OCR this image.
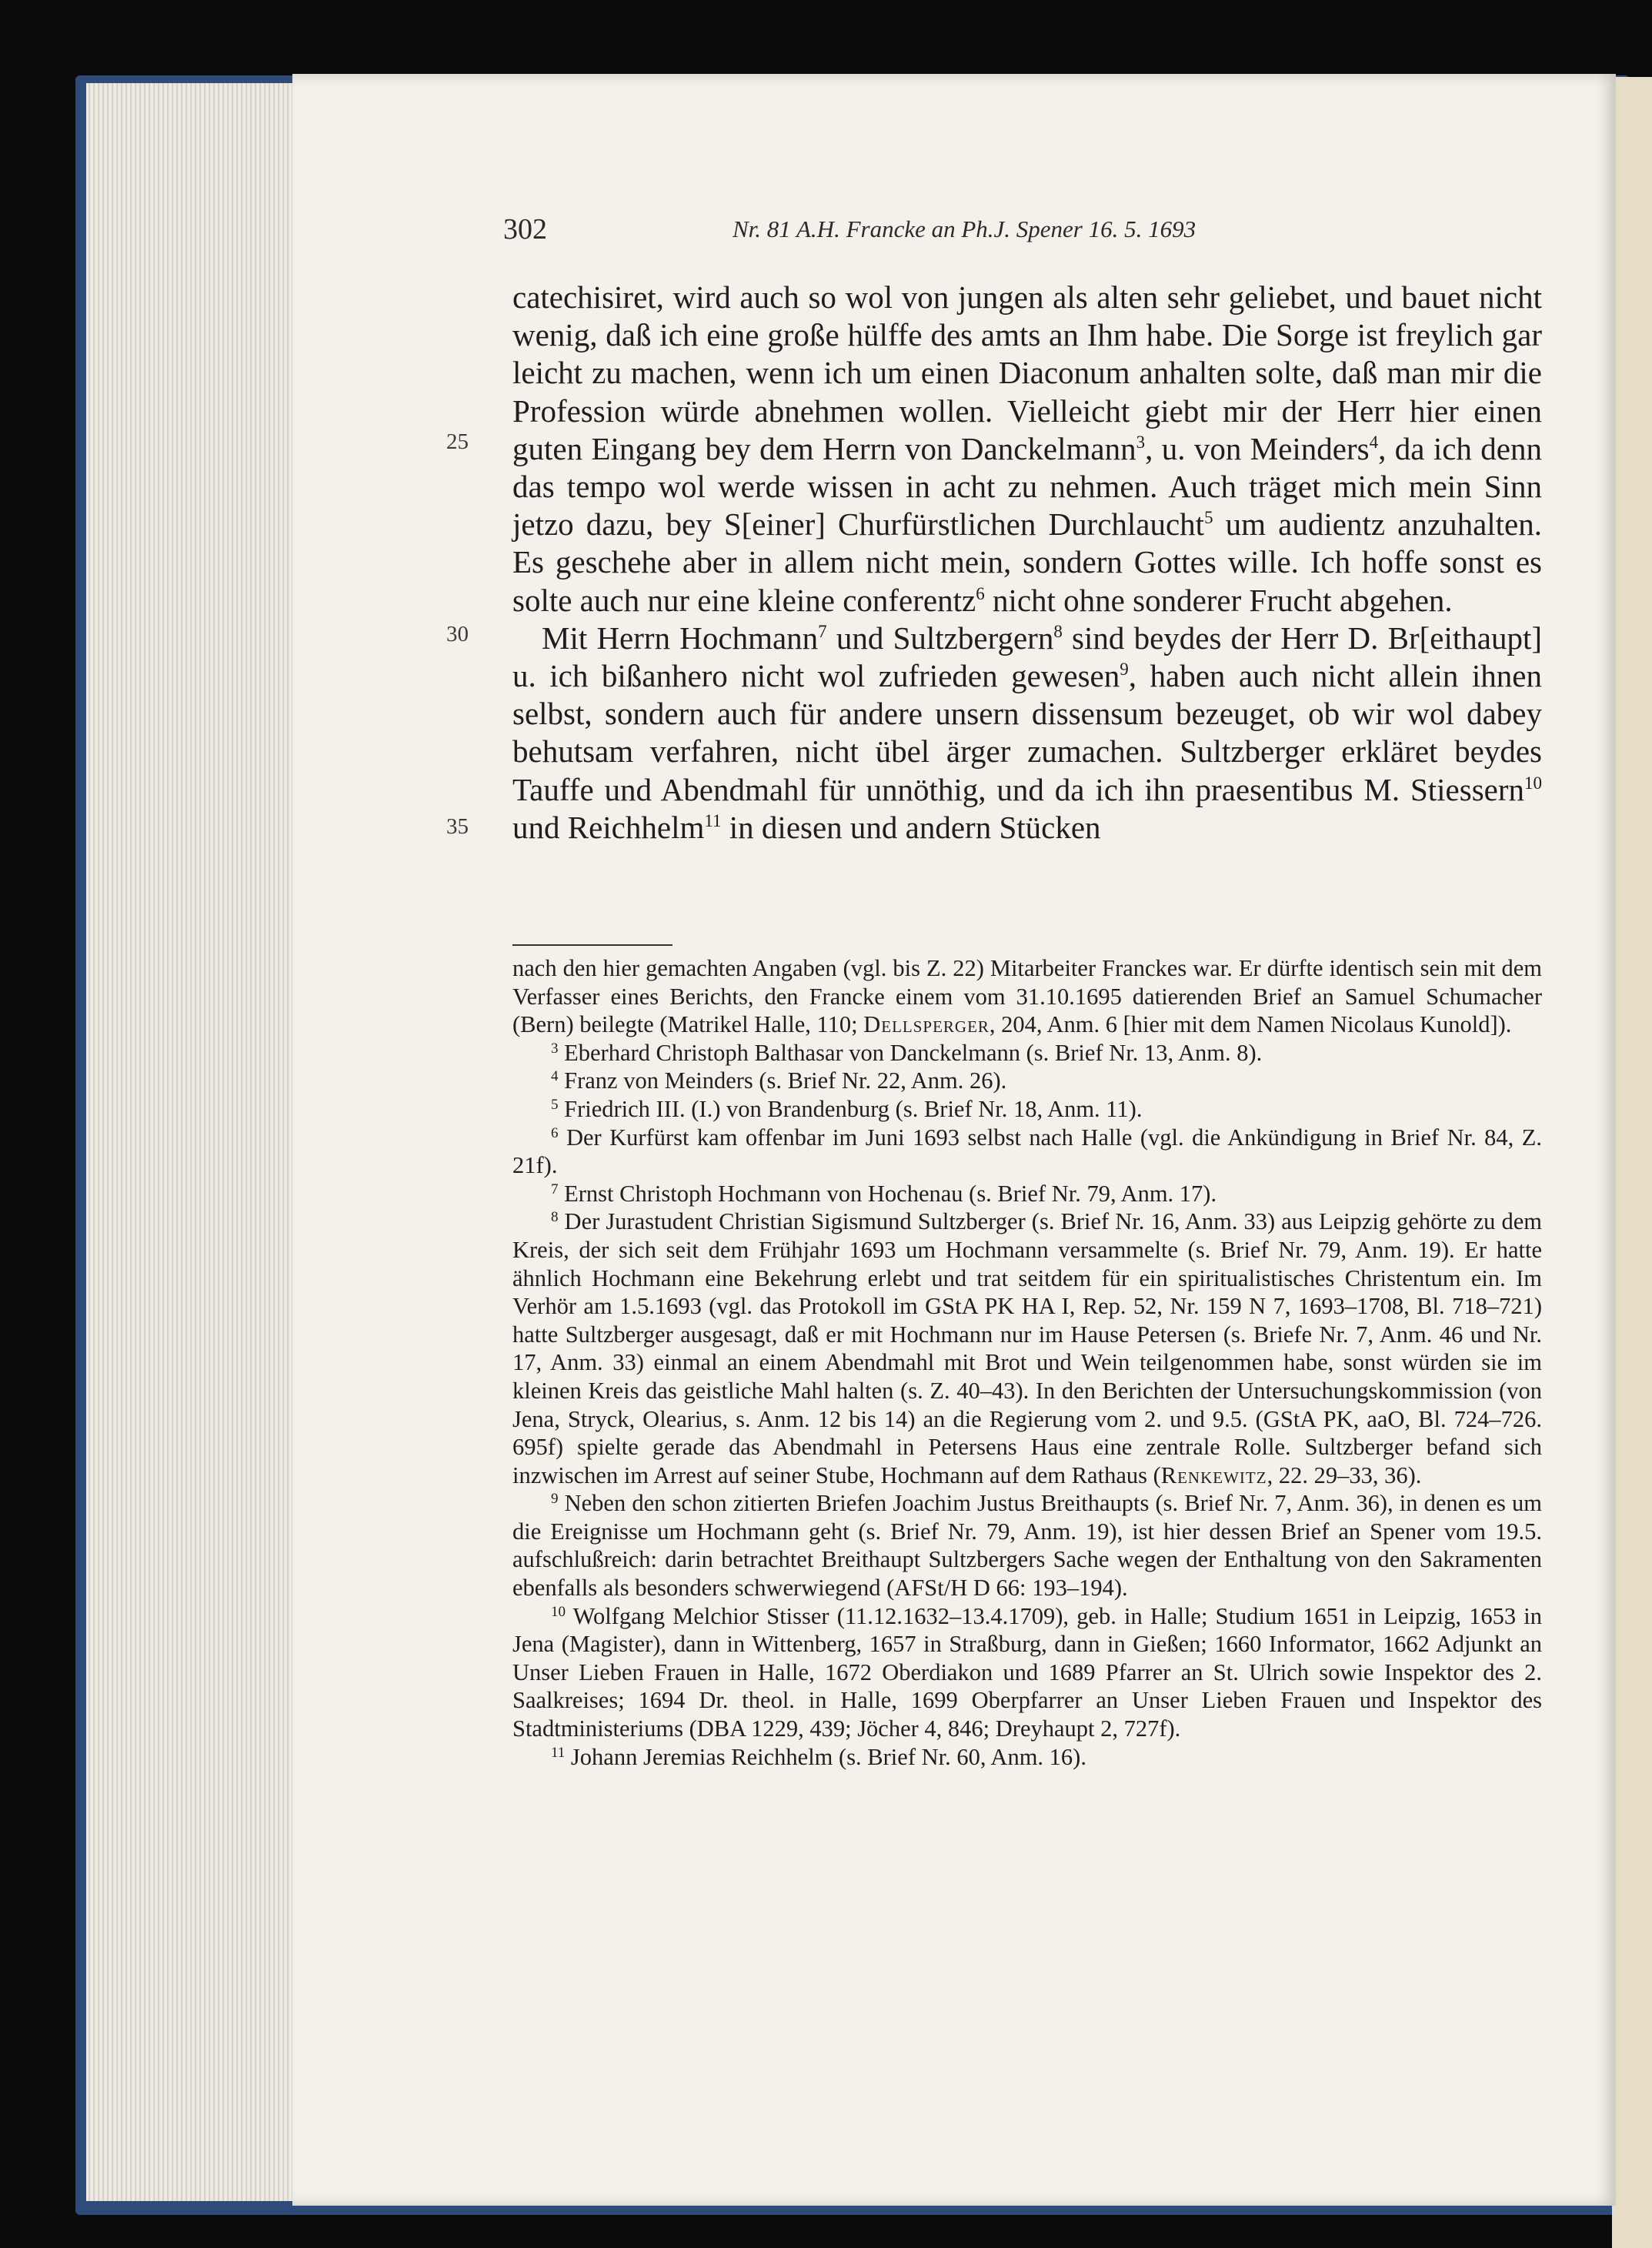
302	Nr. 81 A.H. Francke an Ph.J. Spener 16. 5. 1693
25
30
35

catechisiret, wird auch so wol von jungen als alten sehr geliebet, und bauet nicht wenig, daß ich eine große hülffe des amts an Ihm habe. Die Sorge ist freylich gar leicht zu machen, wenn ich um einen Diaconum anhalten solte, daß man mir die Profession würde abnehmen wollen. Vielleicht giebt mir der Herr hier einen guten Eingang bey dem Herrn von Danckelmann$^3$, u. von Meinders$^4$, da ich denn das tempo wol werde wissen in acht zu nehmen. Auch träget mich mein Sinn jetzo dazu, bey S[einer] Churfürstlichen Durchlaucht$^5$ um audientz anzuhalten. Es geschehe aber in allem nicht mein, sondern Gottes wille. Ich hoffe sonst es solte auch nur eine kleine conferentz$^6$ nicht ohne sonderer Frucht abgehen.

Mit Herrn Hochmann$^7$ und Sultzbergern$^8$ sind beydes der Herr D. Br[eithaupt] u. ich bißanhero nicht wol zufrieden gewesen$^9$, haben auch nicht allein ihnen selbst, sondern auch für andere unsern dissensum bezeuget, ob wir wol dabey behutsam verfahren, nicht übel ärger zumachen. Sultzberger erkläret beydes Tauffe und Abendmahl für unnöthig, und da ich ihn praesentibus M. Stiessern$^{10}$ und Reichhelm$^{11}$ in diesen und andern Stücken

nach den hier gemachten Angaben (vgl. bis Z. 22) Mitarbeiter Franckes war. Er dürfte identisch sein mit dem Verfasser eines Berichts, den Francke einem vom 31.10.1695 datierenden Brief an Samuel Schumacher (Bern) beilegte (Matrikel Halle, 110; Dellsperger, 204, Anm. 6 [hier mit dem Namen Nicolaus Kunold]).

$^3$ Eberhard Christoph Balthasar von Danckelmann (s. Brief Nr. 13, Anm. 8).

$^4$ Franz von Meinders (s. Brief Nr. 22, Anm. 26).

$^5$ Friedrich III. (I.) von Brandenburg (s. Brief Nr. 18, Anm. 11).

$^6$ Der Kurfürst kam offenbar im Juni 1693 selbst nach Halle (vgl. die Ankündigung in Brief Nr. 84, Z. 21f).

$^7$ Ernst Christoph Hochmann von Hochenau (s. Brief Nr. 79, Anm. 17).

$^8$ Der Jurastudent Christian Sigismund Sultzberger (s. Brief Nr. 16, Anm. 33) aus Leipzig gehörte zu dem Kreis, der sich seit dem Frühjahr 1693 um Hochmann versammelte (s. Brief Nr. 79, Anm. 19). Er hatte ähnlich Hochmann eine Bekehrung erlebt und trat seitdem für ein spiritualistisches Christentum ein. Im Verhör am 1.5.1693 (vgl. das Protokoll im GStA PK HA I, Rep. 52, Nr. 159 N 7, 1693–1708, Bl. 718–721) hatte Sultzberger ausgesagt, daß er mit Hochmann nur im Hause Petersen (s. Briefe Nr. 7, Anm. 46 und Nr. 17, Anm. 33) einmal an einem Abendmahl mit Brot und Wein teilgenommen habe, sonst würden sie im kleinen Kreis das geistliche Mahl halten (s. Z. 40–43). In den Berichten der Untersuchungskommission (von Jena, Stryck, Olearius, s. Anm. 12 bis 14) an die Regierung vom 2. und 9.5. (GStA PK, aaO, Bl. 724–726. 695f) spielte gerade das Abendmahl in Petersens Haus eine zentrale Rolle. Sultzberger befand sich inzwischen im Arrest auf seiner Stube, Hochmann auf dem Rathaus (Renkewitz, 22. 29–33, 36).

$^9$ Neben den schon zitierten Briefen Joachim Justus Breithaupts (s. Brief Nr. 7, Anm. 36), in denen es um die Ereignisse um Hochmann geht (s. Brief Nr. 79, Anm. 19), ist hier dessen Brief an Spener vom 19.5. aufschlußreich: darin betrachtet Breithaupt Sultzbergers Sache wegen der Enthaltung von den Sakramenten ebenfalls als besonders schwerwiegend (AFSt/H D 66: 193–194).

$^{10}$ Wolfgang Melchior Stisser (11.12.1632–13.4.1709), geb. in Halle; Studium 1651 in Leipzig, 1653 in Jena (Magister), dann in Wittenberg, 1657 in Straßburg, dann in Gießen; 1660 Informator, 1662 Adjunkt an Unser Lieben Frauen in Halle, 1672 Oberdiakon und 1689 Pfarrer an St. Ulrich sowie Inspektor des 2. Saalkreises; 1694 Dr. theol. in Halle, 1699 Oberpfarrer an Unser Lieben Frauen und Inspektor des Stadtministeriums (DBA 1229, 439; Jöcher 4, 846; Dreyhaupt 2, 727f).

$^{11}$ Johann Jeremias Reichhelm (s. Brief Nr. 60, Anm. 16).
